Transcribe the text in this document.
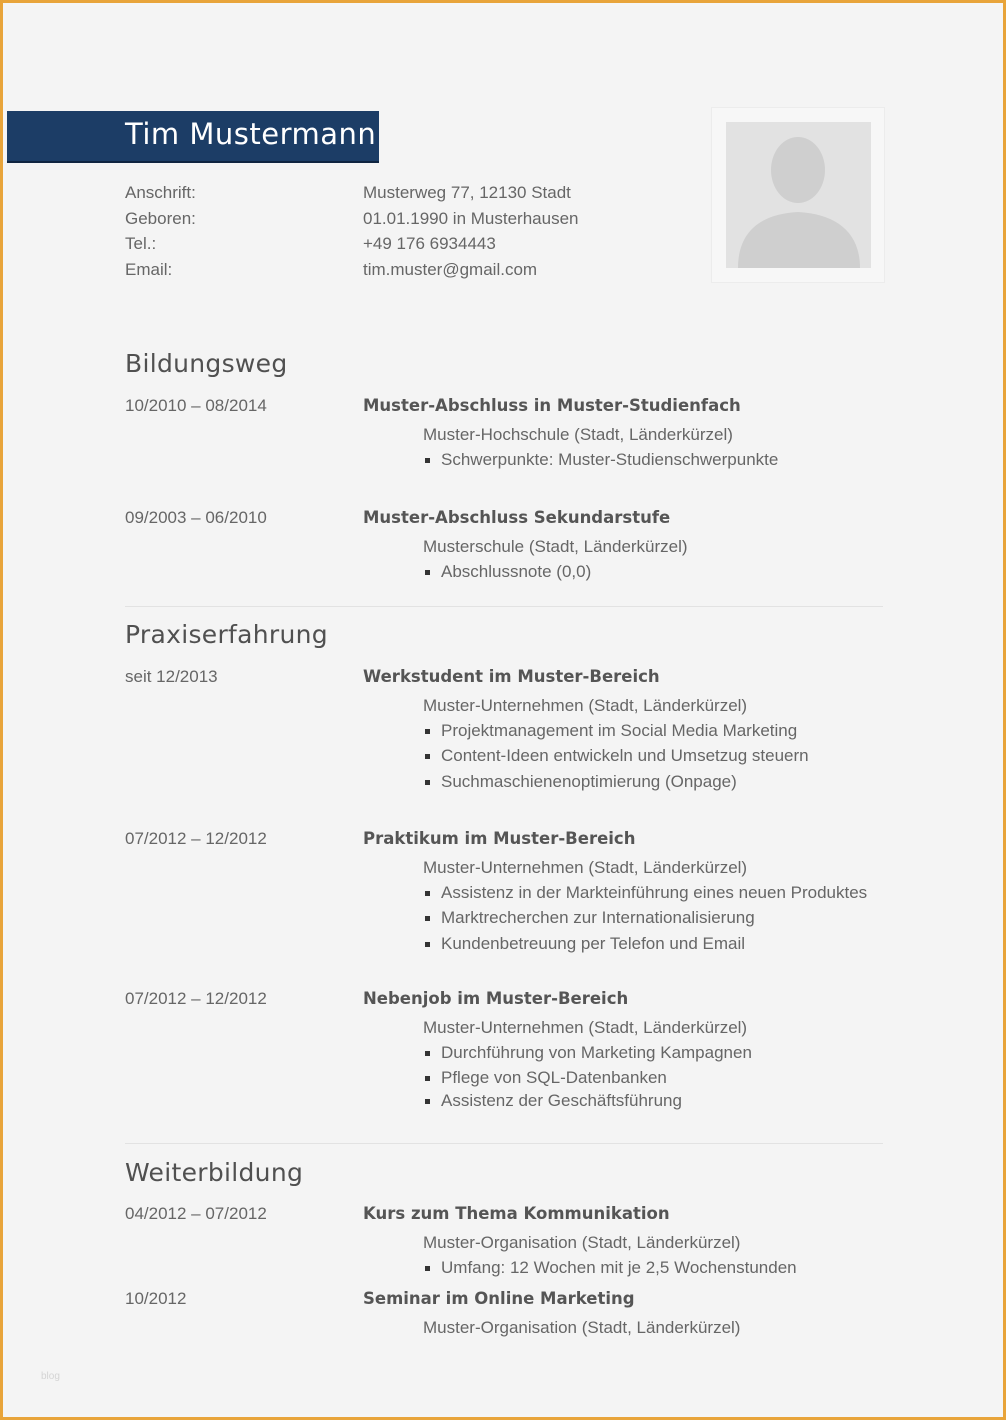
Tim Mustermann
Anschrift:	Musterweg 77, 12130 Stadt
Geboren:	01.01.1990 in Musterhausen
Tel.:	+49 176 6934443
Email:	tim.muster@gmail.com
Bildungsweg
10/2010 – 08/2014	Muster-Abschluss in Muster-Studienfach
Muster-Hochschule (Stadt, Länderkürzel)
Schwerpunkte: Muster-Studienschwerpunkte
09/2003 – 06/2010	Muster-Abschluss Sekundarstufe
Musterschule (Stadt, Länderkürzel)
Abschlussnote (0,0)
Praxiserfahrung
seit 12/2013	Werkstudent im Muster-Bereich
Muster-Unternehmen (Stadt, Länderkürzel)
Projektmanagement im Social Media Marketing
Content-Ideen entwickeln und Umsetzug steuern
Suchmaschienenoptimierung (Onpage)
07/2012 – 12/2012	Praktikum im Muster-Bereich
Muster-Unternehmen (Stadt, Länderkürzel)
Assistenz in der Markteinführung eines neuen Produktes
Marktrecherchen zur Internationalisierung
Kundenbetreuung per Telefon und Email
07/2012 – 12/2012	Nebenjob im Muster-Bereich
Muster-Unternehmen (Stadt, Länderkürzel)
Durchführung von Marketing Kampagnen
Pflege von SQL-Datenbanken
Assistenz der Geschäftsführung
Weiterbildung
04/2012 – 07/2012	Kurs zum Thema Kommunikation
Muster-Organisation (Stadt, Länderkürzel)
Umfang: 12 Wochen mit je 2,5 Wochenstunden
10/2012	Seminar im Online Marketing
Muster-Organisation (Stadt, Länderkürzel)
blog
